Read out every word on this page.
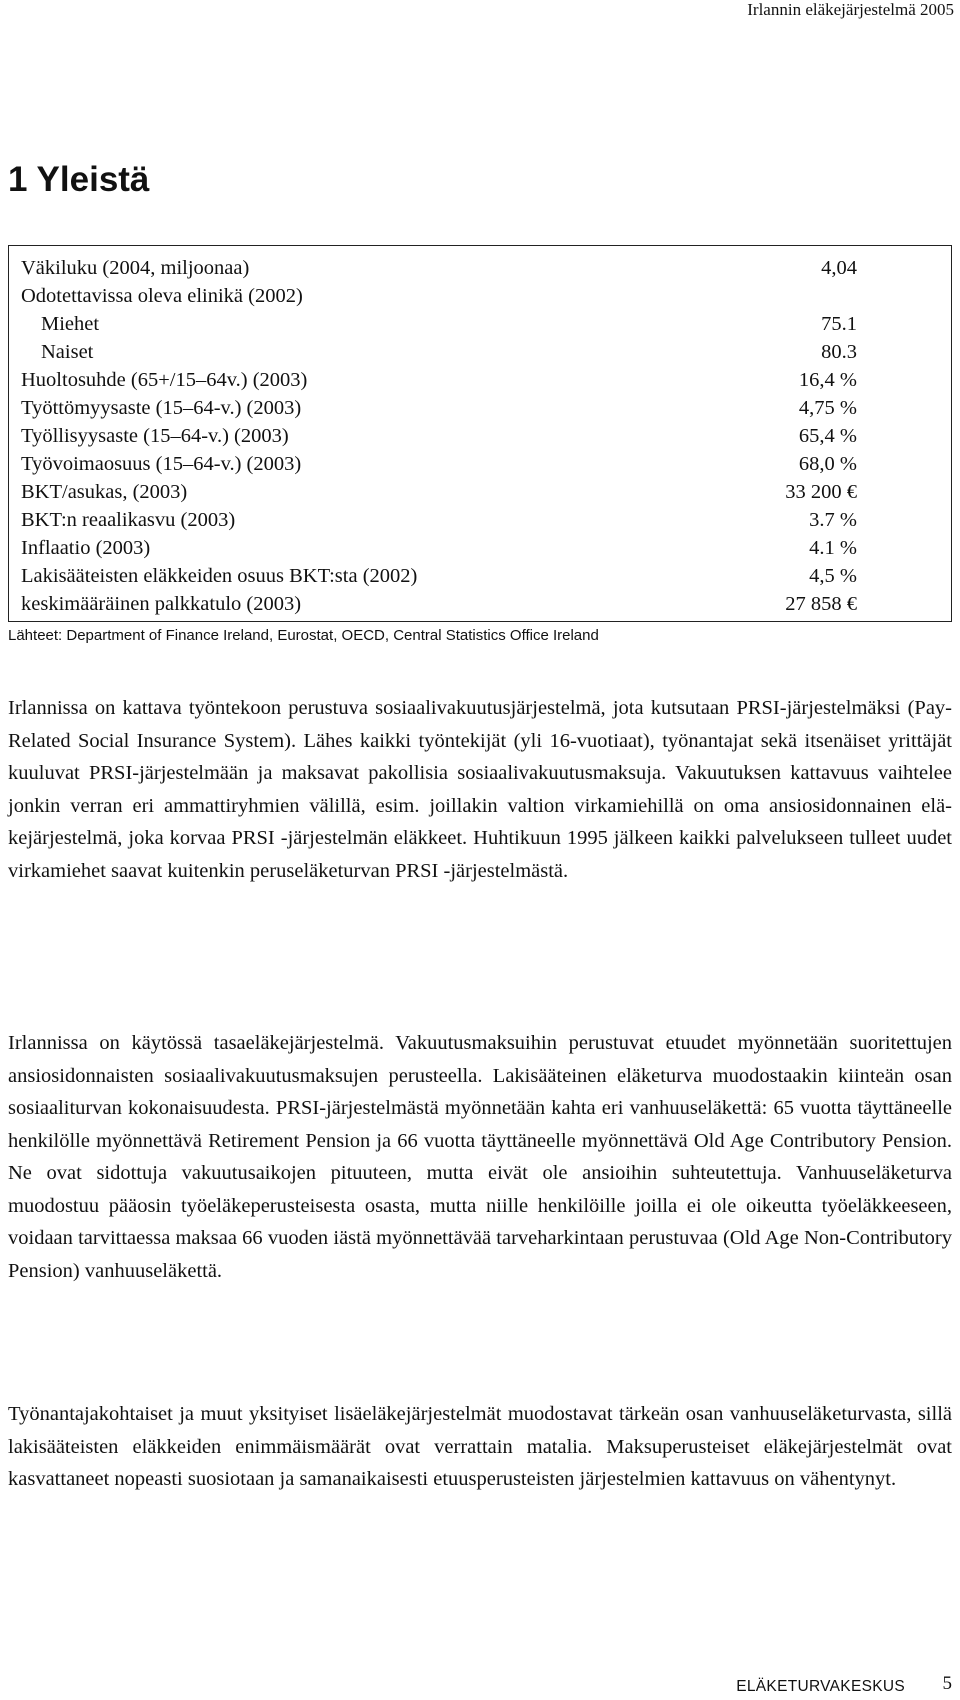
Irlannin eläkejärjestelmä 2005
1 Yleistä
Väkiluku (2004, miljoonaa)	4,04
Odotettavissa oleva elinikä (2002)
Miehet	75.1
Naiset	80.3
Huoltosuhde (65+/15–64v.) (2003)	16,4 %
Työttömyysaste (15–64-v.) (2003)	4,75 %
Työllisyysaste (15–64-v.) (2003)	65,4 %
Työvoimaosuus (15–64-v.) (2003)	68,0 %
BKT/asukas, (2003)	33 200 €
BKT:n reaalikasvu (2003)	3.7 %
Inflaatio (2003)	4.1 %
Lakisääteisten eläkkeiden osuus BKT:sta (2002)	4,5 %
keskimääräinen palkkatulo (2003)	27 858 €
Lähteet: Department of Finance Ireland, Eurostat, OECD, Central Statistics Office Ireland

Irlannissa on kattava työntekoon perustuva sosiaalivakuutusjärjestelmä, jota kutsutaan PRSI-järjestelmäksi (Pay-Related Social Insurance System). Lähes kaikki työntekijät (yli 16-vuotiaat), työnantajat sekä itsenäiset yrittäjät kuuluvat PRSI-järjestelmään ja maksavat pakollisia sosiaalivakuutusmaksuja. Vakuutuksen kattavuus vaihtelee jonkin verran eri ammattiryhmien välillä, esim. joillakin valtion virkamiehillä on oma ansiosidonnainen eläkejärjestelmä, joka korvaa PRSI -järjestelmän eläkkeet. Huhtikuun 1995 jälkeen kaikki palvelukseen tulleet uudet virkamiehet saavat kuitenkin peruseläketurvan PRSI -järjestelmästä.

Irlannissa on käytössä tasaeläkejärjestelmä. Vakuutusmaksuihin perustuvat etuudet myönnetään suoritettujen ansiosidonnaisten sosiaalivakuutusmaksujen perusteella. Lakisääteinen eläketurva muodostaakin kiinteän osan sosiaaliturvan kokonaisuudesta. PRSI-järjestelmästä myönnetään kahta eri vanhuuseläkettä: 65 vuotta täyttäneelle henkilölle myönnettävä Retirement Pension ja 66 vuotta täyttäneelle myönnettävä Old Age Contributory Pension. Ne ovat sidottuja vakuutusaikojen pituuteen, mutta eivät ole ansioihin suhteutettuja. Vanhuuseläketurva muodostuu pääosin työeläkeperusteisesta osasta, mutta niille henkilöille joilla ei ole oikeutta työeläkkeeseen, voidaan tarvittaessa maksaa 66 vuoden iästä myönnettävää tarveharkintaan perustuvaa (Old Age Non-Contributory Pension) vanhuuseläkettä.

Työnantajakohtaiset ja muut yksityiset lisäeläkejärjestelmät muodostavat tärkeän osan vanhuuseläketurvasta, sillä lakisääteisten eläkkeiden enimmäismäärät ovat verrattain matalia. Maksuperusteiset eläkejärjestelmät ovat kasvattaneet nopeasti suosiotaan ja samanaikaisesti etuusperusteisten järjestelmien kattavuus on vähentynyt.

ELÄKETURVAKESKUS 5
